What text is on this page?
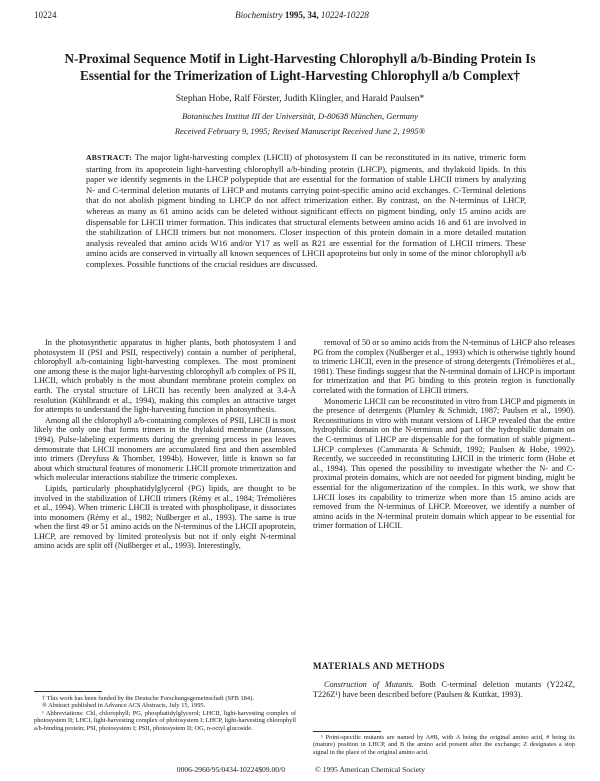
10224	Biochemistry 1995, 34, 10224-10228
N-Proximal Sequence Motif in Light-Harvesting Chlorophyll a/b-Binding Protein Is Essential for the Trimerization of Light-Harvesting Chlorophyll a/b Complex†
Stephan Hobe, Ralf Förster, Judith Klingler, and Harald Paulsen*
Botanisches Institut III der Universität, D-80638 München, Germany
Received February 9, 1995; Revised Manuscript Received June 2, 1995®
ABSTRACT: The major light-harvesting complex (LHCII) of photosystem II can be reconstituted in its native, trimeric form starting from its apoprotein light-harvesting chlorophyll a/b-binding protein (LHCP), pigments, and thylakoid lipids. In this paper we identify segments in the LHCP polypeptide that are essential for the formation of stable LHCII trimers by analyzing N- and C-terminal deletion mutants of LHCP and mutants carrying point-specific amino acid exchanges. C-Terminal deletions that do not abolish pigment binding to LHCP do not affect trimerization either. By contrast, on the N-terminus of LHCP, whereas as many as 61 amino acids can be deleted without significant effects on pigment binding, only 15 amino acids are dispensable for LHCII trimer formation. This indicates that structural elements between amino acids 16 and 61 are involved in the stabilization of LHCII trimers but not monomers. Closer inspection of this protein domain in a more detailed mutation analysis revealed that amino acids W16 and/or Y17 as well as R21 are essential for the formation of LHCII trimers. These amino acids are conserved in virtually all known sequences of LHCII apoproteins but only in some of the minor chlorophyll a/b complexes. Possible functions of the crucial residues are discussed.

In the photosynthetic apparatus in higher plants, both photosystem I and photosystem II (PSI and PSII, respectively) contain a number of peripheral, chlorophyll a/b-containing light-harvesting complexes. The most prominent one among these is the major light-harvesting chlorophyll a/b complex of PS II, LHCII, which probably is the most abundant membrane protein complex on earth. The crystal structure of LHCII has recently been analyzed at 3.4-Å resolution (Kühlbrandt et al., 1994), making this complex an attractive target for attempts to understand the light-harvesting function in photosynthesis.

Among all the chlorophyll a/b-containing complexes of PSII, LHCII is most likely the only one that forms trimers in the thylakoid membrane (Jansson, 1994). Pulse-labeling experiments during the greening process in pea leaves demonstrate that LHCII monomers are accumulated first and then assembled into trimers (Dreyfuss & Thornber, 1994b). However, little is known so far about which structural features of monomeric LHCII promote trimerization and which molecular interactions stabilize the trimeric complexes.

Lipids, particularly phosphatidylglycerol (PG) lipids, are thought to be involved in the stabilization of LHCII trimers (Rémy et al., 1984; Trémolières et al., 1994). When trimeric LHCII is treated with phospholipase, it dissociates into monomers (Rémy et al., 1982; Nußberger et al., 1993). The same is true when the first 49 or 51 amino acids on the N-terminus of the LHCII apoprotein, LHCP, are removed by limited proteolysis but not if only eight N-terminal amino acids are split off (Nußberger et al., 1993). Interestingly,

removal of 50 or so amino acids from the N-terminus of LHCP also releases PG from the complex (Nußberger et al., 1993) which is otherwise tightly bound to trimeric LHCII, even in the presence of strong detergents (Trémolières et al., 1981). These findings suggest that the N-terminal domain of LHCP is important for trimerization and that PG binding to this protein region is functionally correlated with the formation of LHCII trimers.

Monomeric LHCII can be reconstituted in vitro from LHCP and pigments in the presence of detergents (Plumley & Schmidt, 1987; Paulsen et al., 1990). Reconstitutions in vitro with mutant versions of LHCP revealed that the entire hydrophilic domain on the N-terminus and part of the hydrophilic domain on the C-terminus of LHCP are dispensable for the formation of stable pigment–LHCP complexes (Cammarata & Schmidt, 1992; Paulsen & Hobe, 1992). Recently, we succeeded in reconstituting LHCII in the trimeric form (Hobe et al., 1994). This opened the possibility to investigate whether the N- and C-proximal protein domains, which are not needed for pigment binding, might be essential for the oligomerization of the complex. In this work, we show that LHCII loses its capability to trimerize when more than 15 amino acids are removed from the N-terminus of LHCP. Moreover, we identify a number of amino acids in the N-terminal protein domain which appear to be essential for trimer formation of LHCII.

MATERIALS AND METHODS
Construction of Mutants. Both C-terminal deletion mutants (Y224Z, T226Z¹) have been described before (Paulsen & Kuttkat, 1993).

† This work has been funded by the Deutsche Forschungsgemeinschaft (SFB 184).

® Abstract published in Advance ACS Abstracts, July 15, 1995.

¹ Abbreviations: Chl, chlorophyll; PG, phosphatidylglycerol; LHCII, light-harvesting complex of photosystem II; LHCI, light-harvesting complex of photosystem I; LHCP, light-harvesting chlorophyll a/b-binding protein; PSI, photosystem I; PSII, photosystem II; OG, n-octyl glucoside.

¹ Point-specific mutants are named by A#B, with A being the original amino acid, # being its (mature) position in LHCP, and B the amino acid present after the exchange; Z designates a stop signal in the place of the original amino acid.
0006-2960/95/0434-10224$09.00/0	© 1995 American Chemical Society
